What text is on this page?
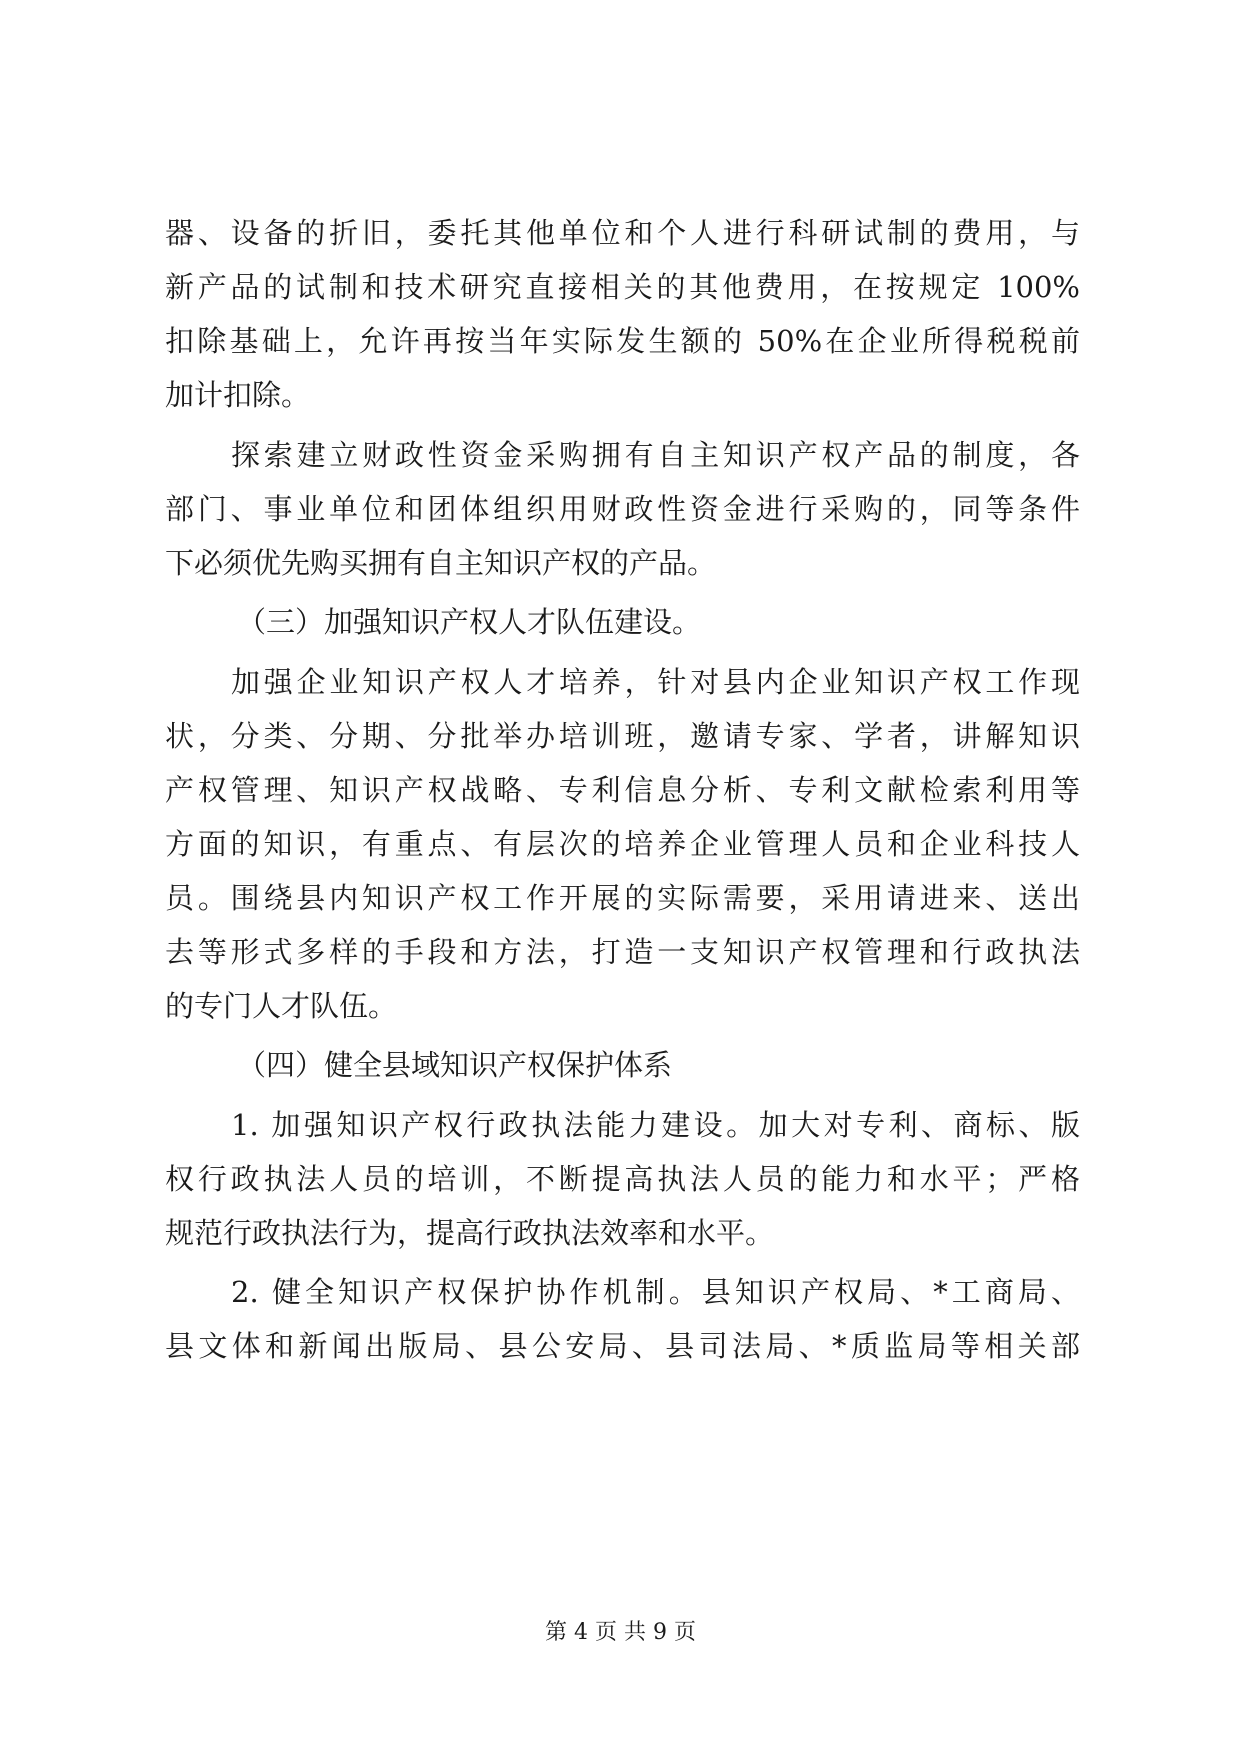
器、设备的折旧，委托其他单位和个人进行科研试制的费用，与
新产品的试制和技术研究直接相关的其他费用，在按规定 100%
扣除基础上，允许再按当年实际发生额的 50%在企业所得税税前
加计扣除。
探索建立财政性资金采购拥有自主知识产权产品的制度，各
部门、事业单位和团体组织用财政性资金进行采购的，同等条件
下必须优先购买拥有自主知识产权的产品。
（三）加强知识产权人才队伍建设。
加强企业知识产权人才培养，针对县内企业知识产权工作现
状，分类、分期、分批举办培训班，邀请专家、学者，讲解知识
产权管理、知识产权战略、专利信息分析、专利文献检索利用等
方面的知识，有重点、有层次的培养企业管理人员和企业科技人
员。围绕县内知识产权工作开展的实际需要，采用请进来、送出
去等形式多样的手段和方法，打造一支知识产权管理和行政执法
的专门人才队伍。
（四）健全县域知识产权保护体系
1. 加强知识产权行政执法能力建设。加大对专利、商标、版
权行政执法人员的培训，不断提高执法人员的能力和水平；严格
规范行政执法行为，提高行政执法效率和水平。
2. 健全知识产权保护协作机制。县知识产权局、*工商局、
县文体和新闻出版局、县公安局、县司法局、*质监局等相关部
第 4 页 共 9 页
